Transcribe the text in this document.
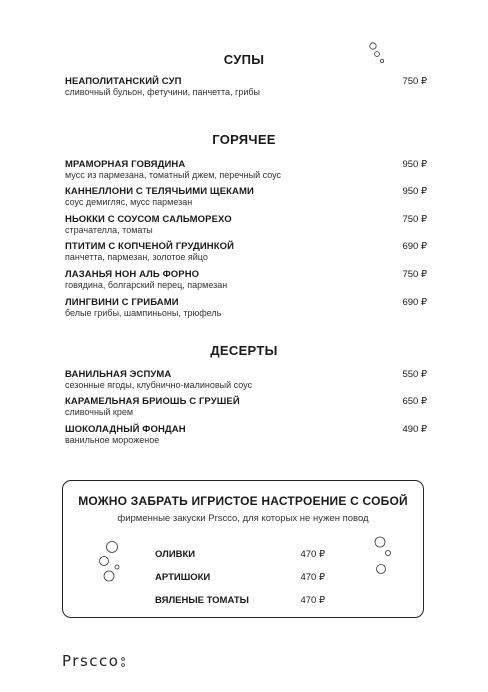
СУПЫ
НЕАПОЛИТАНСКИЙ СУП
сливочный бульон, фетучини, панчетта, грибы
750 ₽
ГОРЯЧЕЕ
МРАМОРНАЯ ГОВЯДИНА
мусс из пармезана, томатный джем, перечный соус
950 ₽
КАННЕЛЛОНИ С ТЕЛЯЧЬИМИ ЩЕКАМИ
соус демигляс, мусс пармезан
950 ₽
НЬОККИ С СОУСОМ САЛЬМОРЕХО
страчателла, томаты
750 ₽
ПТИТИМ С КОПЧЕНОЙ ГРУДИНКОЙ
панчетта, пармезан, золотое яйцо
690 ₽
ЛАЗАНЬЯ НОН АЛЬ ФОРНО
говядина, болгарский перец, пармезан
750 ₽
ЛИНГВИНИ С ГРИБАМИ
белые грибы, шампиньоны, трюфель
690 ₽
ДЕСЕРТЫ
ВАНИЛЬНАЯ ЭСПУМА
сезонные ягоды, клубнично-малиновый соус
550 ₽
КАРАМЕЛЬНАЯ БРИОШЬ С ГРУШЕЙ
сливочный крем
650 ₽
ШОКОЛАДНЫЙ ФОНДАН
ванильное мороженое
490 ₽
МОЖНО ЗАБРАТЬ ИГРИСТОЕ НАСТРОЕНИЕ С СОБОЙ
фирменные закуски Prscco, для которых не нужен повод
ОЛИВКИ	470 ₽
АРТИШОКИ	470 ₽
ВЯЛЕНЫЕ ТОМАТЫ	470 ₽
Prscco
